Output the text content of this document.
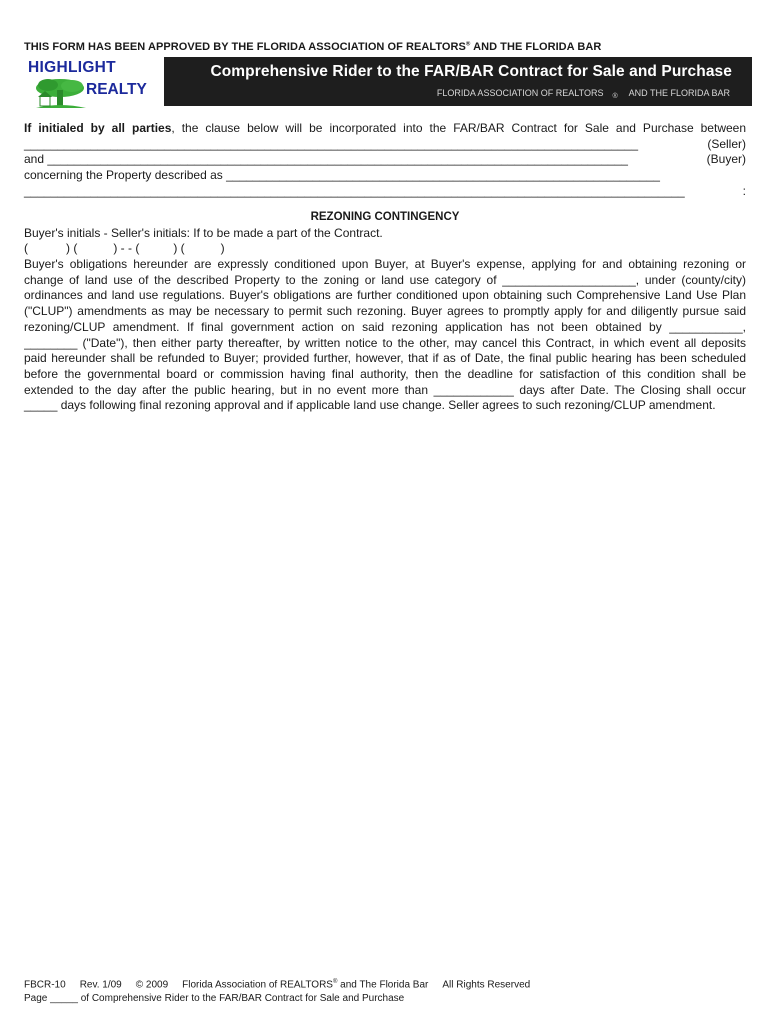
THIS FORM HAS BEEN APPROVED BY THE FLORIDA ASSOCIATION OF REALTORS® AND THE FLORIDA BAR
HIGHLIGHT
REALTY
Comprehensive Rider to the FAR/BAR Contract for Sale and Purchase
FLORIDA ASSOCIATION OF REALTORS $_®$ AND THE FLORIDA BAR
If initialed by all parties, the clause below will be incorporated into the FAR/BAR Contract for Sale and Purchase between
____________________________________________________________________________________________	(Seller)
and _______________________________________________________________________________________	(Buyer)
concerning the Property described as _________________________________________________________________
___________________________________________________________________________________________________	:
REZONING CONTINGENCY
Buyer's initials - Seller's initials: If to be made a part of the Contract.
(	) (	) - - (	) (	)
Buyer's obligations hereunder are expressly conditioned upon Buyer, at Buyer's expense, applying for and obtaining rezoning or
change of land use of the described Property to the zoning or land use category of ____________________, under (county/city)
ordinances and land use regulations. Buyer's obligations are further conditioned upon obtaining such Comprehensive Land Use Plan
("CLUP") amendments as may be necessary to permit such rezoning. Buyer agrees to promptly apply for and diligently pursue said
rezoning/CLUP amendment. If final government action on said rezoning application has not been obtained by ___________,
________ ("Date"), then either party thereafter, by written notice to the other, may cancel this Contract, in which event all deposits
paid hereunder shall be refunded to Buyer; provided further, however, that if as of Date, the final public hearing has been scheduled
before the governmental board or commission having final authority, then the deadline for satisfaction of this condition shall be
extended to the day after the public hearing, but in no event more than ____________ days after Date. The Closing shall occur
_____ days following final rezoning approval and if applicable land use change. Seller agrees to such rezoning/CLUP amendment.
FBCR-10 Rev. 1/09 © 2009 Florida Association of REALTORS® and The Florida Bar All Rights Reserved
Page _____ of Comprehensive Rider to the FAR/BAR Contract for Sale and Purchase
